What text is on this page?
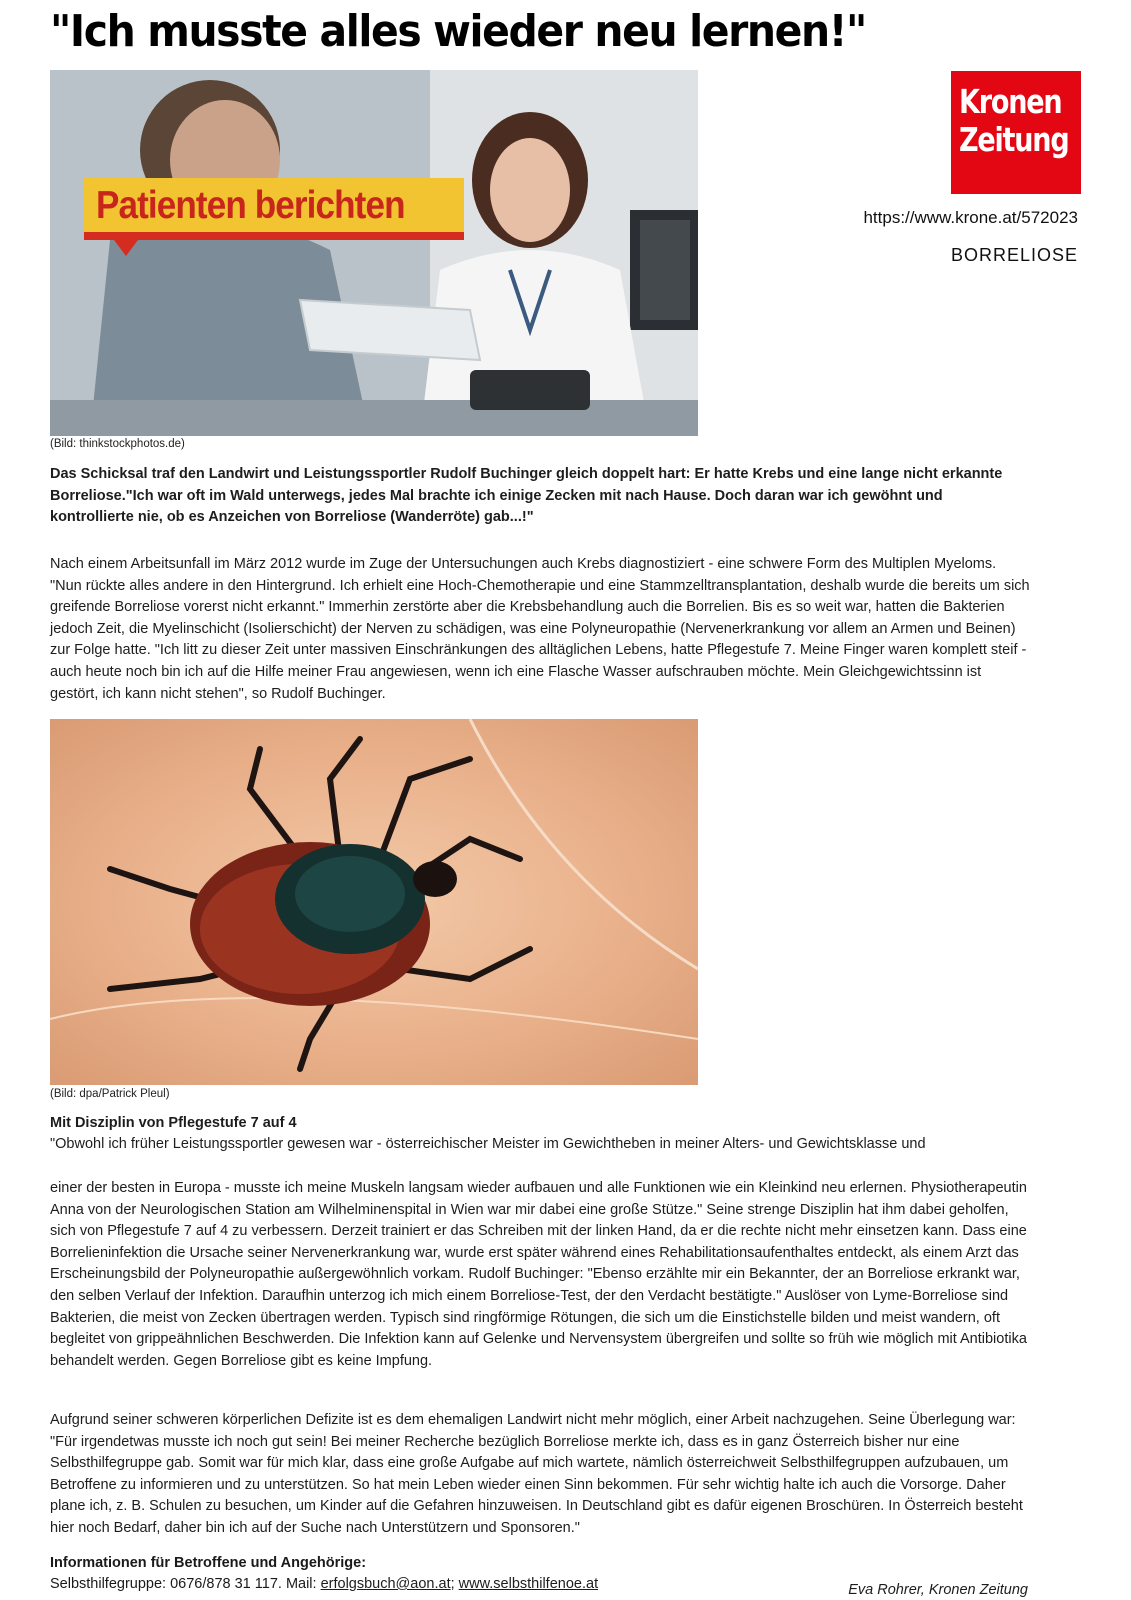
"Ich musste alles wieder neu lernen!"
Patienten berichten
(Bild: thinkstockphotos.de)
Kronen
Zeitung
https://www.krone.at/572023
BORRELIOSE
Das Schicksal traf den Landwirt und Leistungssportler Rudolf Buchinger gleich doppelt hart: Er hatte Krebs und eine lange nicht erkannte Borreliose."Ich war oft im Wald unterwegs, jedes Mal brachte ich einige Zecken mit nach Hause. Doch daran war ich gewöhnt und kontrollierte nie, ob es Anzeichen von Borreliose (Wanderröte) gab...!"
Nach einem Arbeitsunfall im März 2012 wurde im Zuge der Untersuchungen auch Krebs diagnostiziert - eine schwere Form des Multiplen Myeloms. "Nun rückte alles andere in den Hintergrund. Ich erhielt eine Hoch-Chemotherapie und eine Stammzelltransplantation, deshalb wurde die bereits um sich greifende Borreliose vorerst nicht erkannt." Immerhin zerstörte aber die Krebsbehandlung auch die Borrelien. Bis es so weit war, hatten die Bakterien jedoch Zeit, die Myelinschicht (Isolierschicht) der Nerven zu schädigen, was eine Polyneuropathie (Nervenerkrankung vor allem an Armen und Beinen) zur Folge hatte. "Ich litt zu dieser Zeit unter massiven Einschränkungen des alltäglichen Lebens, hatte Pflegestufe 7. Meine Finger waren komplett steif - auch heute noch bin ich auf die Hilfe meiner Frau angewiesen, wenn ich eine Flasche Wasser aufschrauben möchte. Mein Gleichgewichtssinn ist gestört, ich kann nicht stehen", so Rudolf Buchinger.
(Bild: dpa/Patrick Pleul)
Mit Disziplin von Pflegestufe 7 auf 4
"Obwohl ich früher Leistungssportler gewesen war - österreichischer Meister im Gewichtheben in meiner Alters- und Gewichtsklasse und
einer der besten in Europa - musste ich meine Muskeln langsam wieder aufbauen und alle Funktionen wie ein Kleinkind neu erlernen. Physiotherapeutin Anna von der Neurologischen Station am Wilhelminenspital in Wien war mir dabei eine große Stütze." Seine strenge Disziplin hat ihm dabei geholfen, sich von Pflegestufe 7 auf 4 zu verbessern. Derzeit trainiert er das Schreiben mit der linken Hand, da er die rechte nicht mehr einsetzen kann. Dass eine Borrelieninfektion die Ursache seiner Nervenerkrankung war, wurde erst später während eines Rehabilitationsaufenthaltes entdeckt, als einem Arzt das Erscheinungsbild der Polyneuropathie außergewöhnlich vorkam. Rudolf Buchinger: "Ebenso erzählte mir ein Bekannter, der an Borreliose erkrankt war, den selben Verlauf der Infektion. Daraufhin unterzog ich mich einem Borreliose-Test, der den Verdacht bestätigte." Auslöser von Lyme-Borreliose sind Bakterien, die meist von Zecken übertragen werden. Typisch sind ringförmige Rötungen, die sich um die Einstichstelle bilden und meist wandern, oft begleitet von grippeähnlichen Beschwerden. Die Infektion kann auf Gelenke und Nervensystem übergreifen und sollte so früh wie möglich mit Antibiotika behandelt werden. Gegen Borreliose gibt es keine Impfung.
Aufgrund seiner schweren körperlichen Defizite ist es dem ehemaligen Landwirt nicht mehr möglich, einer Arbeit nachzugehen. Seine Überlegung war: "Für irgendetwas musste ich noch gut sein! Bei meiner Recherche bezüglich Borreliose merkte ich, dass es in ganz Österreich bisher nur eine Selbsthilfegruppe gab. Somit war für mich klar, dass eine große Aufgabe auf mich wartete, nämlich österreichweit Selbsthilfegruppen aufzubauen, um Betroffene zu informieren und zu unterstützen. So hat mein Leben wieder einen Sinn bekommen. Für sehr wichtig halte ich auch die Vorsorge. Daher plane ich, z. B. Schulen zu besuchen, um Kinder auf die Gefahren hinzuweisen. In Deutschland gibt es dafür eigenen Broschüren. In Österreich besteht hier noch Bedarf, daher bin ich auf der Suche nach Unterstützern und Sponsoren."
Informationen für Betroffene und Angehörige:
Selbsthilfegruppe: 0676/878 31 117. Mail: erfolgsbuch@aon.at; www.selbsthilfenoe.at	Eva Rohrer, Kronen Zeitung
